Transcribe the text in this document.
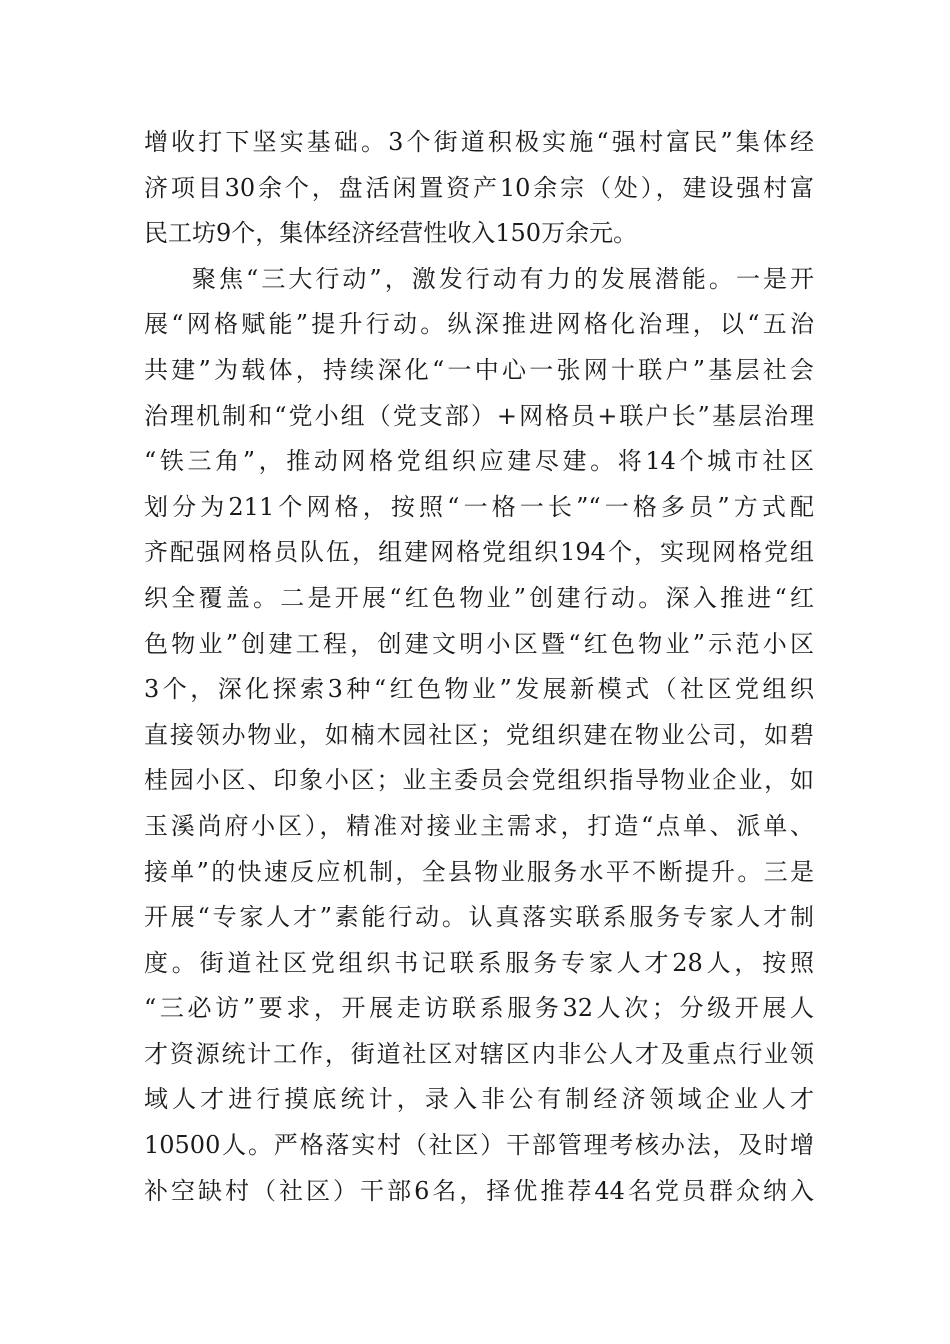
增收打下坚实基础。3个街道积极实施“强村富民”集体经
济项目30余个，盘活闲置资产10余宗（处），建设强村富
民工坊9个，集体经济经营性收入150万余元。
聚焦“三大行动”，激发行动有力的发展潜能。一是开
展“网格赋能”提升行动。纵深推进网格化治理，以“五治
共建”为载体，持续深化“一中心一张网十联户”基层社会
治理机制和“党小组（党支部）+网格员+联户长”基层治理
“铁三角”，推动网格党组织应建尽建。将14个城市社区
划分为211个网格，按照“一格一长”“一格多员”方式配
齐配强网格员队伍，组建网格党组织194个，实现网格党组
织全覆盖。二是开展“红色物业”创建行动。深入推进“红
色物业”创建工程，创建文明小区暨“红色物业”示范小区
3个，深化探索3种“红色物业”发展新模式（社区党组织
直接领办物业，如楠木园社区；党组织建在物业公司，如碧
桂园小区、印象小区；业主委员会党组织指导物业企业，如
玉溪尚府小区），精准对接业主需求，打造“点单、派单、
接单”的快速反应机制，全县物业服务水平不断提升。三是
开展“专家人才”素能行动。认真落实联系服务专家人才制
度。街道社区党组织书记联系服务专家人才28人，按照
“三必访”要求，开展走访联系服务32人次；分级开展人
才资源统计工作，街道社区对辖区内非公人才及重点行业领
域人才进行摸底统计，录入非公有制经济领域企业人才
10500人。严格落实村（社区）干部管理考核办法，及时增
补空缺村（社区）干部6名，择优推荐44名党员群众纳入
